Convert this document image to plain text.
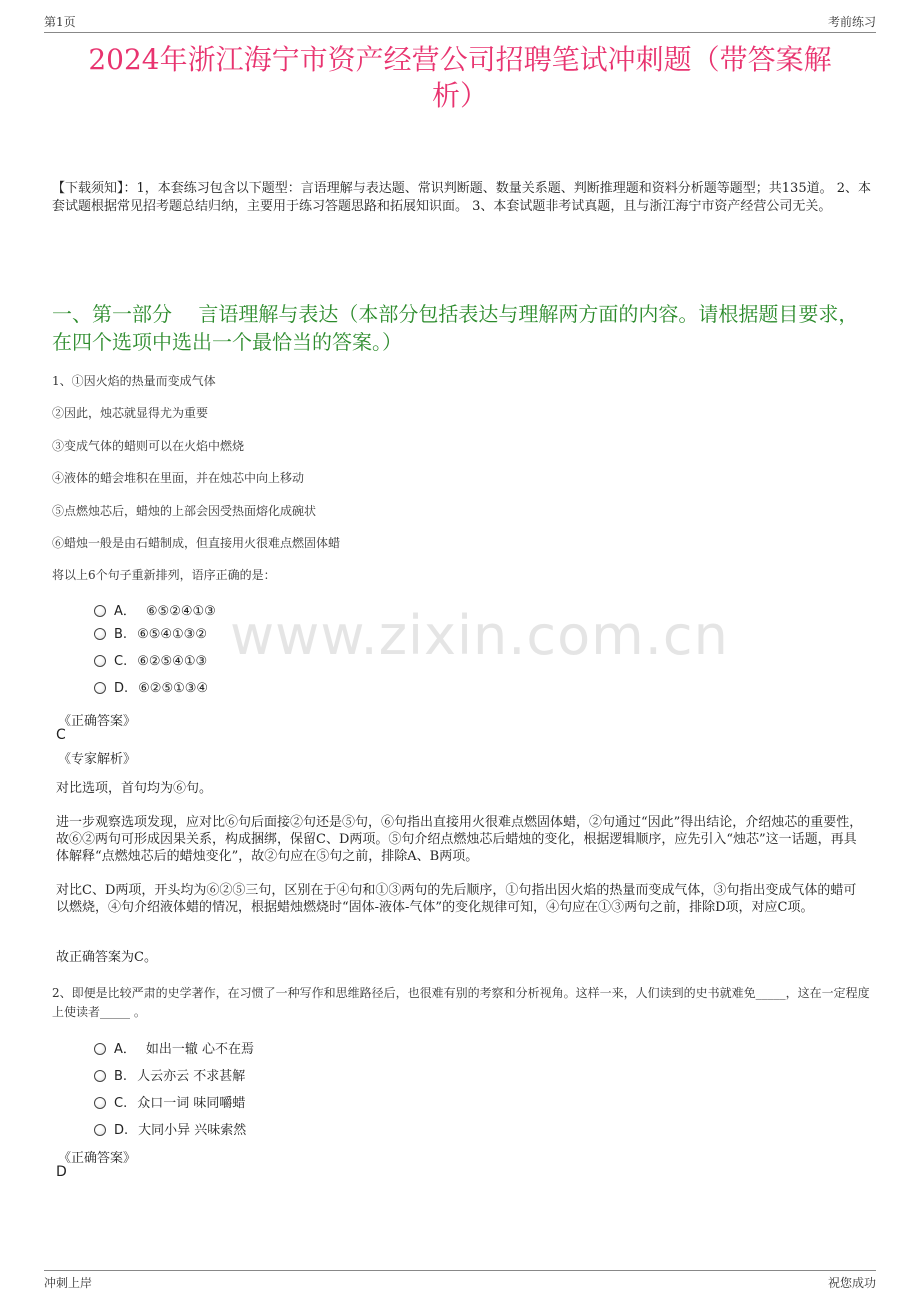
第1页	考前练习
2024年浙江海宁市资产经营公司招聘笔试冲刺题（带答案解
析）
【下载须知】：1，本套练习包含以下题型：言语理解与表达题、常识判断题、数量关系题、判断推理题和资料分析题等题型；共135道。 2、本套试题根据常见招考题总结归纳，主要用于练习答题思路和拓展知识面。 3、本套试题非考试真题，且与浙江海宁市资产经营公司无关。
一、第一部分　 言语理解与表达（本部分包括表达与理解两方面的内容。请根据题目要求，在四个选项中选出一个最恰当的答案。）
1、①因火焰的热量而变成气体
②因此，烛芯就显得尤为重要
③变成气体的蜡则可以在火焰中燃烧
④液体的蜡会堆积在里面，并在烛芯中向上移动
⑤点燃烛芯后，蜡烛的上部会因受热面熔化成碗状
⑥蜡烛一般是由石蜡制成，但直接用火很难点燃固体蜡
将以上6个句子重新排列，语序正确的是：
A． ⑥⑤②④①③
B. ⑥⑤④①③②
C. ⑥②⑤④①③
D. ⑥②⑤①③④
www.zixin.com.cn
《正确答案》
C
《专家解析》
对比选项，首句均为⑥句。
进一步观察选项发现，应对比⑥句后面接②句还是⑤句，⑥句指出直接用火很难点燃固体蜡，②句通过“因此”得出结论，介绍烛芯的重要性，故⑥②两句可形成因果关系，构成捆绑，保留C、D两项。⑤句介绍点燃烛芯后蜡烛的变化，根据逻辑顺序，应先引入“烛芯”这一话题，再具体解释“点燃烛芯后的蜡烛变化”，故②句应在⑤句之前，排除A、B两项。
对比C、D两项，开头均为⑥②⑤三句，区别在于④句和①③两句的先后顺序，①句指出因火焰的热量而变成气体，③句指出变成气体的蜡可以燃烧，④句介绍液体蜡的情况，根据蜡烛燃烧时“固体-液体-气体”的变化规律可知，④句应在①③两句之前，排除D项，对应C项。
故正确答案为C。
2、即便是比较严肃的史学著作，在习惯了一种写作和思维路径后，也很难有别的考察和分析视角。这样一来，人们读到的史书就难免_____，这在一定程度上使读者_____ 。
A． 如出一辙 心不在焉
B. 人云亦云 不求甚解
C. 众口一词 味同嚼蜡
D. 大同小异 兴味索然
《正确答案》
D
冲刺上岸	祝您成功
